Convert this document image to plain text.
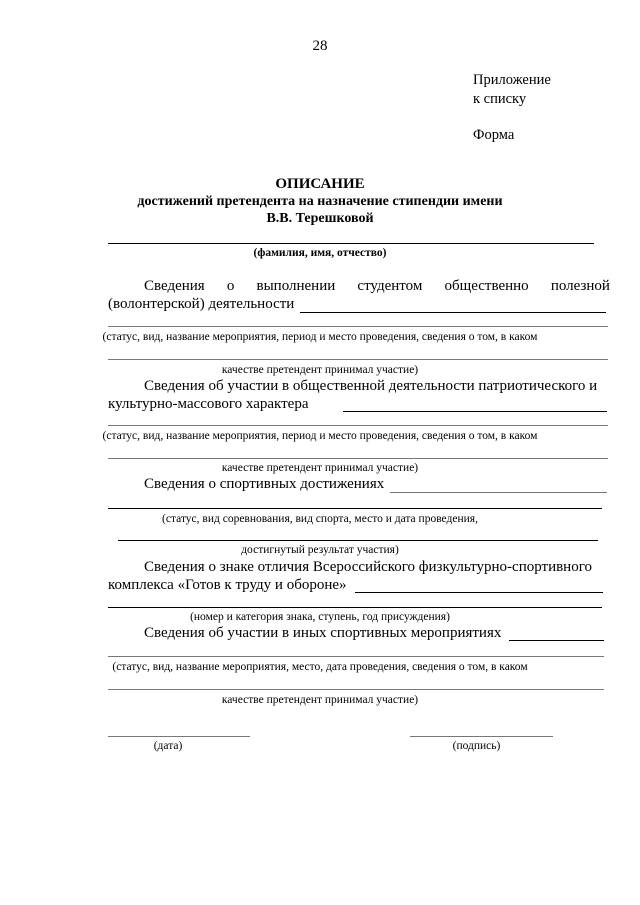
28
Приложение
к списку
Форма
ОПИСАНИЕ
достижений претендента на назначение стипендии имени
В.В. Терешковой
(фамилия, имя, отчество)
Сведения о выполнении студентом общественно полезной
(волонтерской) деятельности
(статус, вид, название мероприятия, период и место проведения, сведения о том, в каком
качестве претендент принимал участие)
Сведения об участии в общественной деятельности патриотического и
культурно-массового характера
(статус, вид, название мероприятия, период и место проведения, сведения о том, в каком
качестве претендент принимал участие)
Сведения о спортивных достижениях
(статус, вид соревнования, вид спорта, место и дата проведения,
достигнутый результат участия)
Сведения о знаке отличия Всероссийского физкультурно-спортивного
комплекса «Готов к труду и обороне»
(номер и категория знака, ступень, год присуждения)
Сведения об участии в иных спортивных мероприятиях
(статус, вид, название мероприятия, место, дата проведения, сведения о том, в каком
качестве претендент принимал участие)
(дата)	(подпись)
